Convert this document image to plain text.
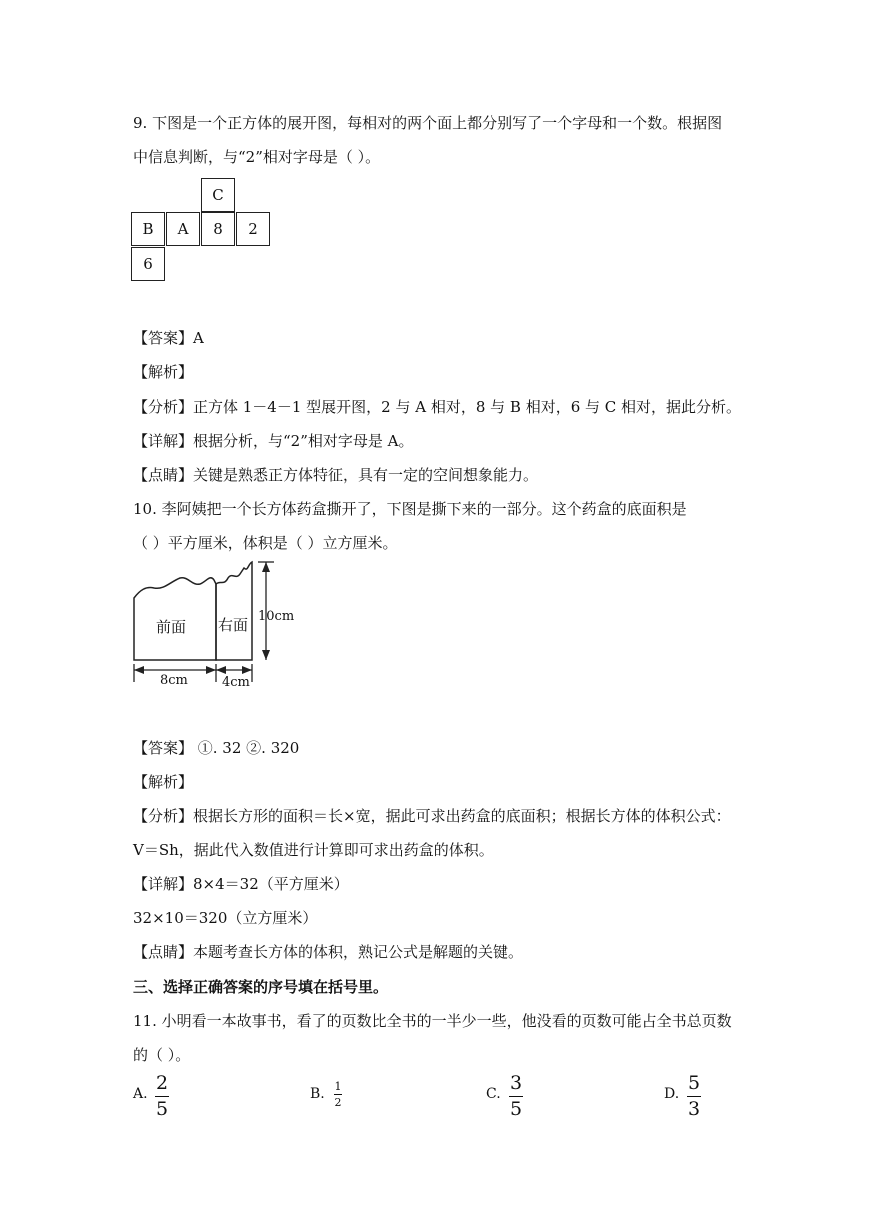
9. 下图是一个正方体的展开图，每相对的两个面上都分别写了一个字母和一个数。根据图
中信息判断，与“2”相对字母是（ ）。
C
B	A	8	2
6
【答案】A
【解析】
【分析】正方体 1－4－1 型展开图，2 与 A 相对，8 与 B 相对，6 与 C 相对，据此分析。
【详解】根据分析，与“2”相对字母是 A。
【点睛】关键是熟悉正方体特征，具有一定的空间想象能力。
10. 李阿姨把一个长方体药盒撕开了，下图是撕下来的一部分。这个药盒的底面积是
（ ）平方厘米，体积是（ ）立方厘米。
前面 右面 10cm
8cm	4cm
【答案】 ①. 32 ②. 320
【解析】
【分析】根据长方形的面积＝长×宽，据此可求出药盒的底面积；根据长方体的体积公式：
V＝Sh，据此代入数值进行计算即可求出药盒的体积。
【详解】8×4＝32（平方厘米）
32×10＝320（立方厘米）
【点睛】本题考查长方体的体积，熟记公式是解题的关键。
三、选择正确答案的序号填在括号里。
11. 小明看一本故事书，看了的页数比全书的一半少一些，他没看的页数可能占全书总页数
的（ ）。
A. 2
5
B. 1
2
C. 3
5
D. 5
3
